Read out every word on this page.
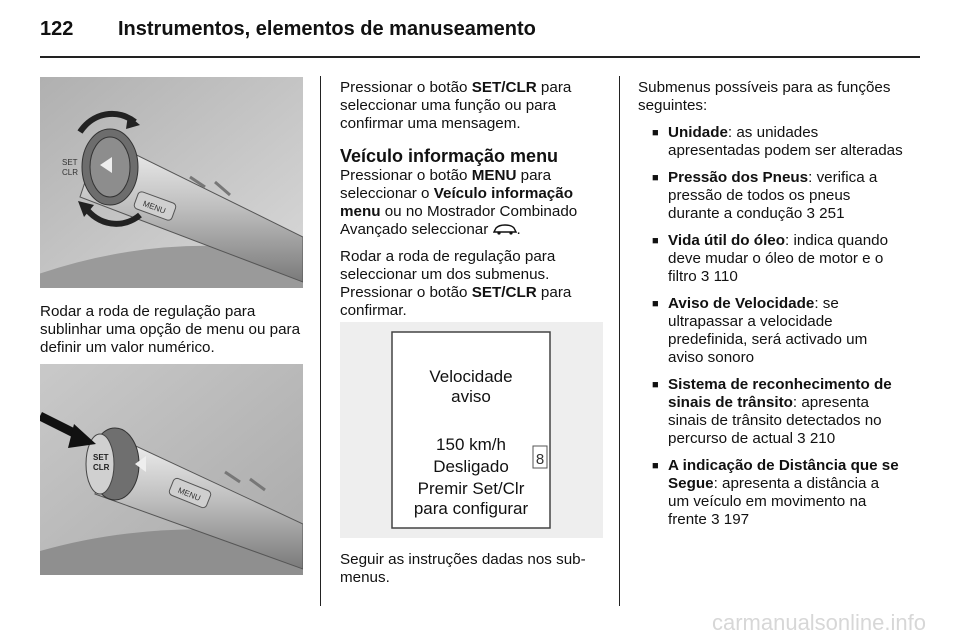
122 Instrumentos, elementos de manuseamento
MENU
SET
CLR

Rodar a roda de regulação para sublinhar uma opção de menu ou para definir um valor numérico.

MENU
SET
CLR

Pressionar o botão SET/CLR para seleccionar uma função ou para confirmar uma mensagem.

Veículo informação menu

Pressionar o botão MENU para seleccionar o Veículo informação menu ou no Mostrador Combinado Avançado seleccionar .

Rodar a roda de regulação para seleccionar um dos submenus. Pressionar o botão SET/CLR para confirmar.

Velocidade
aviso
150 km/h
Desligado
Premir Set/Clr
para configurar
8

Seguir as instruções dadas nos sub-menus.

Submenus possíveis para as funções seguintes:

■ Unidade: as unidades apresentadas podem ser alteradas
■ Pressão dos Pneus: verifica a pressão de todos os pneus durante a condução 3 251
■ Vida útil do óleo: indica quando deve mudar o óleo de motor e o filtro 3 110
■ Aviso de Velocidade: se ultrapassar a velocidade predefinida, será activado um aviso sonoro
■ Sistema de reconhecimento de sinais de trânsito: apresenta sinais de trânsito detectados no percurso de actual 3 210
■ A indicação de Distância que se Segue: apresenta a distância a um veículo em movimento na frente 3 197
carmanualsonline.info
